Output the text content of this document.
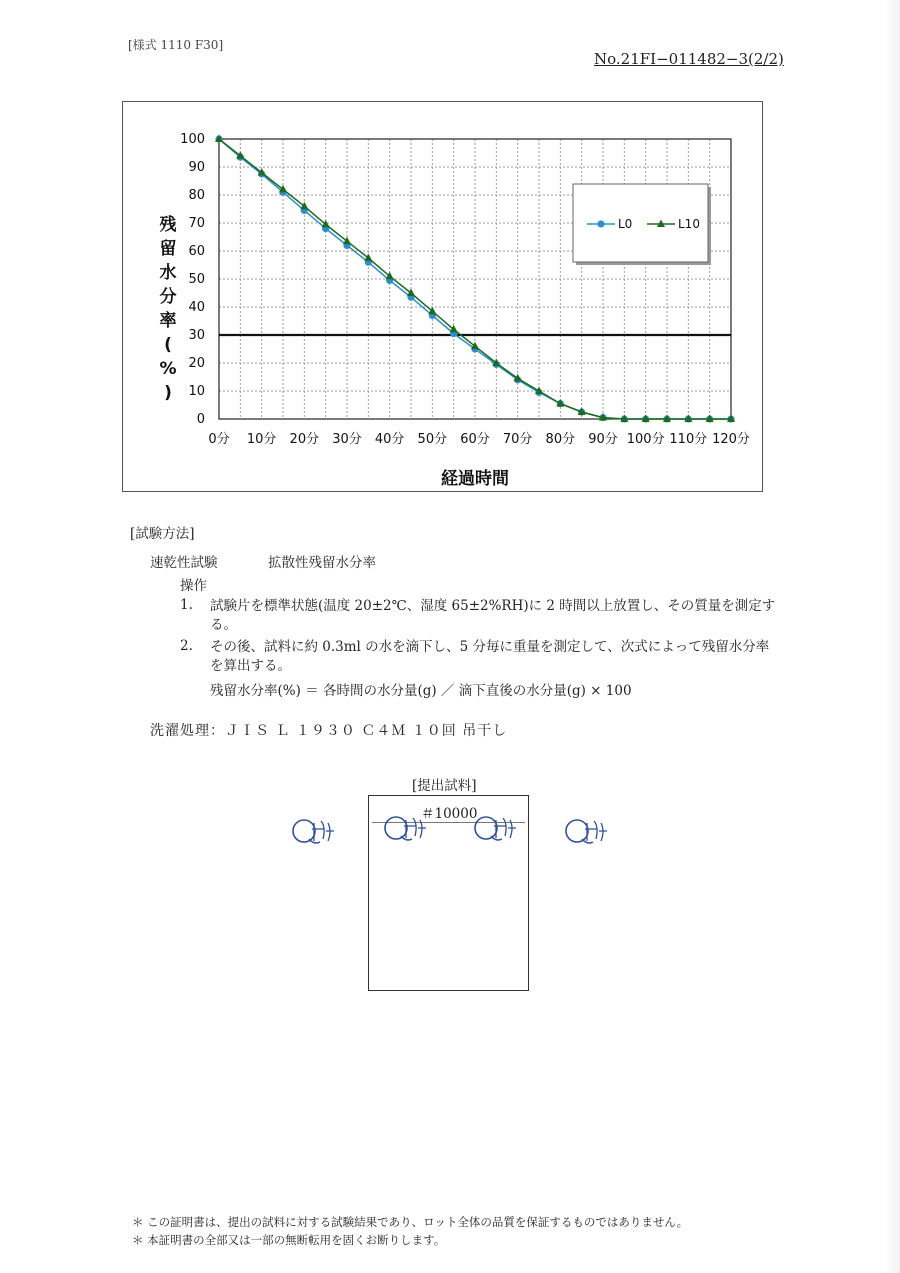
[様式 1110 F30]
No.21FI−011482−3(2/2)
0
10
20
30
40
50
60
70
80
90
100
0分 10分 20分 30分 40分 50分 60分 70分 80分 90分 100分 110分 120分
残
留
水
分
率
(
%
)
経過時間
L0	L10
[試験方法]
速乾性試験	拡散性残留水分率
操作
1. 試験片を標準状態(温度 20±2℃、湿度 65±2%RH)に 2 時間以上放置し、その質量を測定する。
2. その後、試料に約 0.3ml の水を滴下し、5 分毎に重量を測定して、次式によって残留水分率を算出する。
残留水分率(%) ＝ 各時間の水分量(g) ／ 滴下直後の水分量(g) × 100
洗濯処理：ＪＩＳ Ｌ １９３０ Ｃ４Ｍ １０回 吊干し
[提出試料]
＃10000
＊ この証明書は、提出の試料に対する試験結果であり、ロット全体の品質を保証するものではありません。
＊ 本証明書の全部又は一部の無断転用を固くお断りします。
